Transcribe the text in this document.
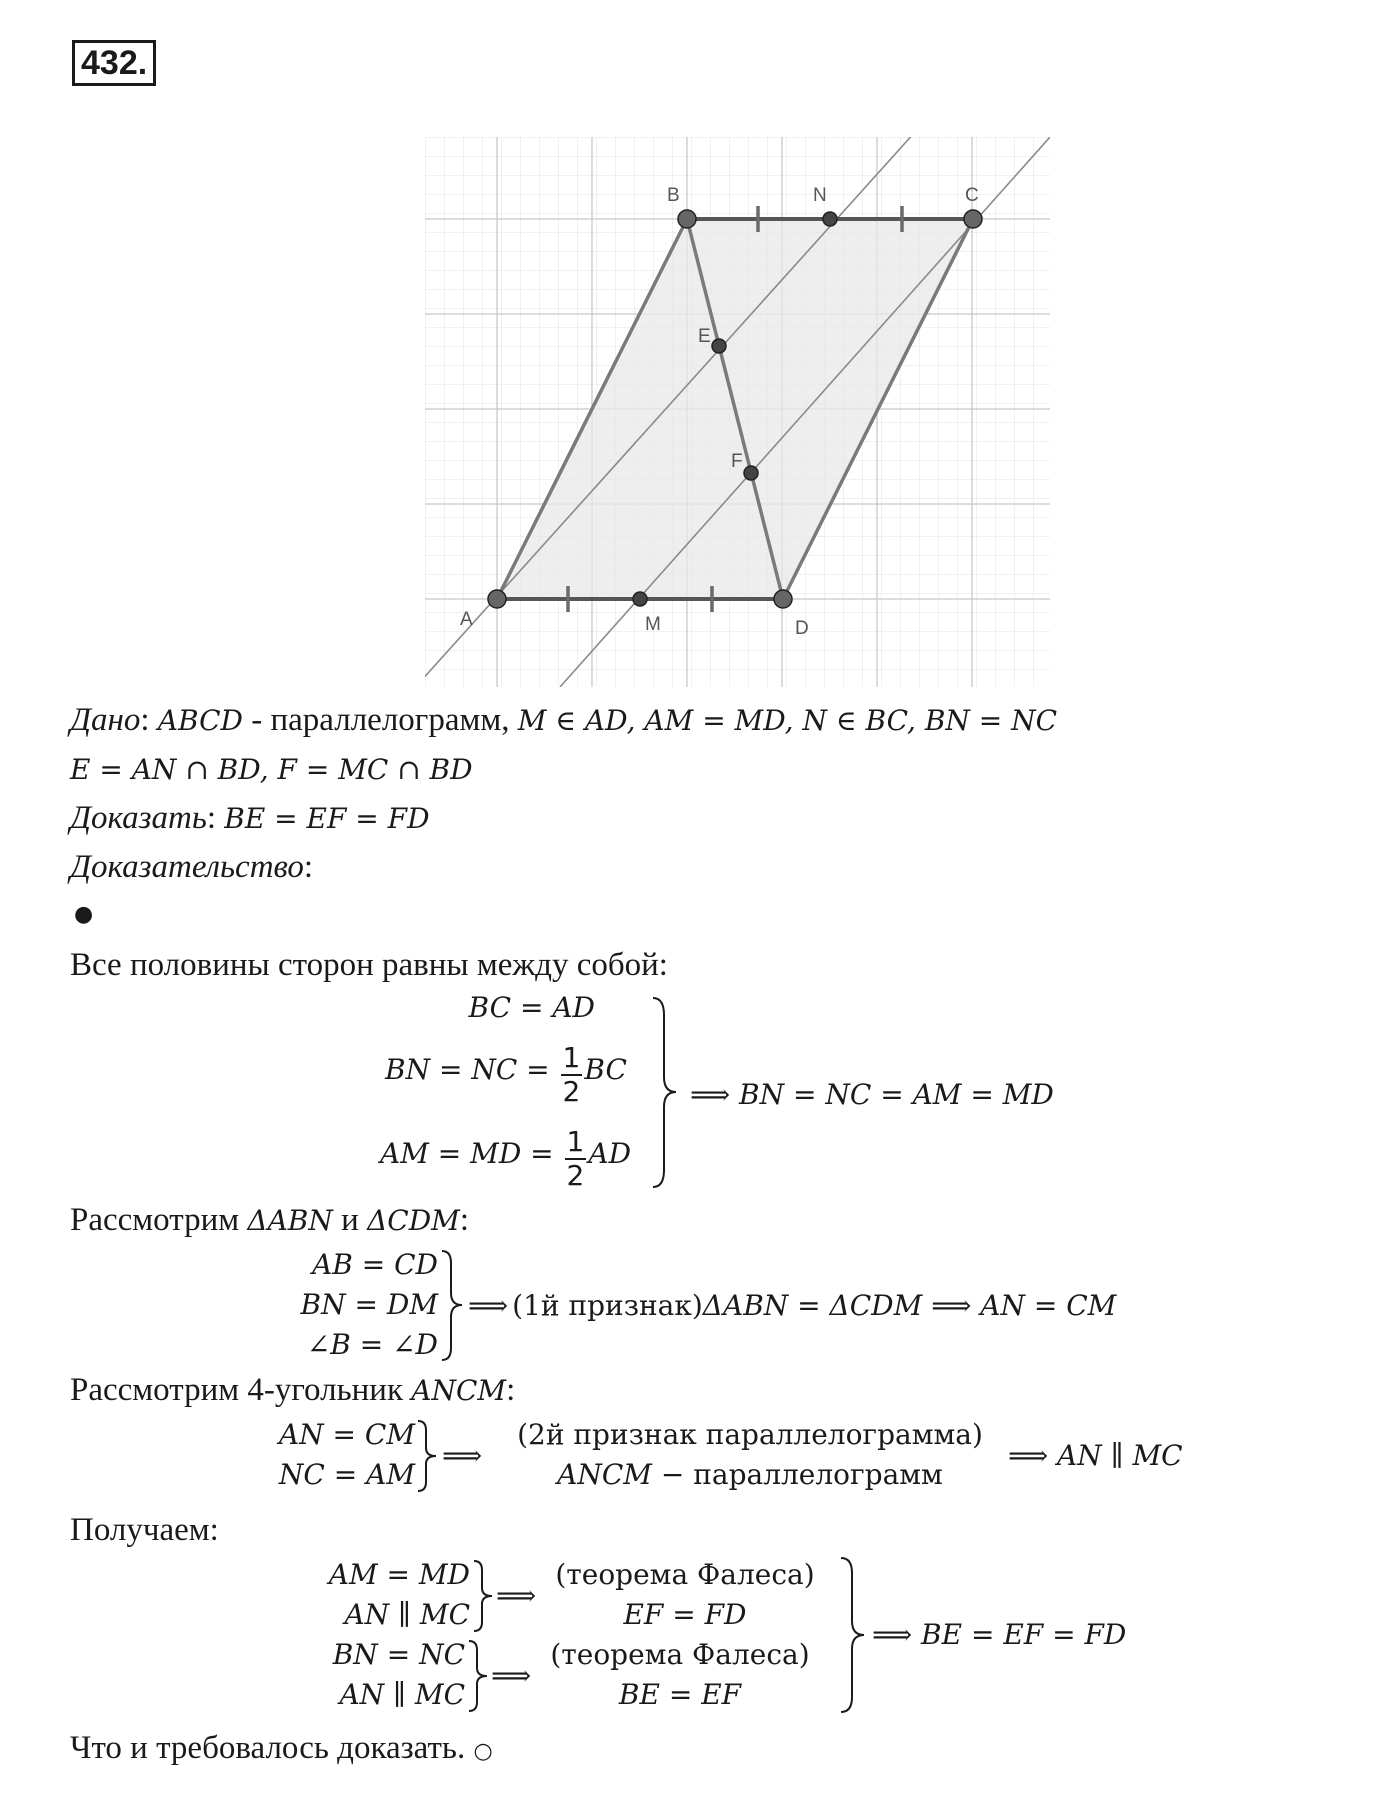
432.
B	N	C
E
F
A	M	D
Дано: ABCD - параллелограмм, M ∈ AD, AM = MD, N ∈ BC, BN = NC
E = AN ∩ BD, F = MC ∩ BD
Доказать: BE = EF = FD
Доказательство:
●
Все половины сторон равны между собой:
BC = AD
BN = NC = $\frac{1}{2}$ BC
AM = MD = $\frac{1}{2}$ AD
⟹ BN = NC = AM = MD
Рассмотрим ΔABN и ΔCDM:
AB = CD
BN = DM
∠B = ∠D
⟹ (1й признак)ΔABN = ΔCDM ⟹ AN = CM
Рассмотрим 4-угольник ANCM:
AN = CM
NC = AM
⟹
(2й признак параллелограмма)
ANCM − параллелограмм
⟹ AN ∥ MC
Получаем:
AM = MD
AN ∥ MC
⟹
(теорема Фалеса)
EF = FD
BN = NC
AN ∥ MC
⟹
(теорема Фалеса)
BE = EF
⟹ BE = EF = FD
Что и требовалось доказать. ○
